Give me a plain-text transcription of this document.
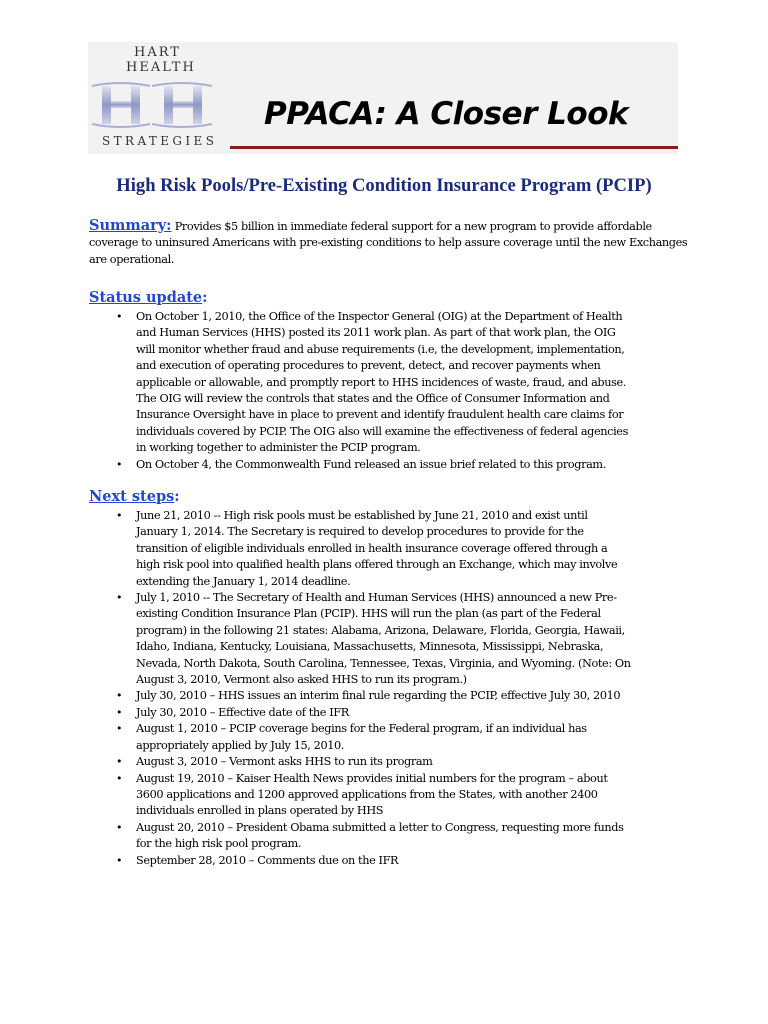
HART
HEALTH
STRATEGIES
PPACA: A Closer Look
High Risk Pools/Pre-Existing Condition Insurance Program (PCIP)
Summary: Provides $5 billion in immediate federal support for a new program to provide affordable coverage to uninsured Americans with pre-existing conditions to help assure coverage until the new Exchanges are operational.
Status update:
• On October 1, 2010, the Office of the Inspector General (OIG) at the Department of Health
and Human Services (HHS) posted its 2011 work plan. As part of that work plan, the OIG
will monitor whether fraud and abuse requirements (i.e, the development, implementation,
and execution of operating procedures to prevent, detect, and recover payments when
applicable or allowable, and promptly report to HHS incidences of waste, fraud, and abuse.
The OIG will review the controls that states and the Office of Consumer Information and
Insurance Oversight have in place to prevent and identify fraudulent health care claims for
individuals covered by PCIP. The OIG also will examine the effectiveness of federal agencies
in working together to administer the PCIP program.
• On October 4, the Commonwealth Fund released an issue brief related to this program.
Next steps:
• June 21, 2010 -- High risk pools must be established by June 21, 2010 and exist until
January 1, 2014. The Secretary is required to develop procedures to provide for the
transition of eligible individuals enrolled in health insurance coverage offered through a
high risk pool into qualified health plans offered through an Exchange, which may involve
extending the January 1, 2014 deadline.
• July 1, 2010 -- The Secretary of Health and Human Services (HHS) announced a new Pre-
existing Condition Insurance Plan (PCIP). HHS will run the plan (as part of the Federal
program) in the following 21 states: Alabama, Arizona, Delaware, Florida, Georgia, Hawaii,
Idaho, Indiana, Kentucky, Louisiana, Massachusetts, Minnesota, Mississippi, Nebraska,
Nevada, North Dakota, South Carolina, Tennessee, Texas, Virginia, and Wyoming. (Note: On
August 3, 2010, Vermont also asked HHS to run its program.)
• July 30, 2010 – HHS issues an interim final rule regarding the PCIP, effective July 30, 2010
• July 30, 2010 – Effective date of the IFR
• August 1, 2010 – PCIP coverage begins for the Federal program, if an individual has
appropriately applied by July 15, 2010.
• August 3, 2010 – Vermont asks HHS to run its program
• August 19, 2010 – Kaiser Health News provides initial numbers for the program – about
3600 applications and 1200 approved applications from the States, with another 2400
individuals enrolled in plans operated by HHS
• August 20, 2010 – President Obama submitted a letter to Congress, requesting more funds
for the high risk pool program.
• September 28, 2010 – Comments due on the IFR
